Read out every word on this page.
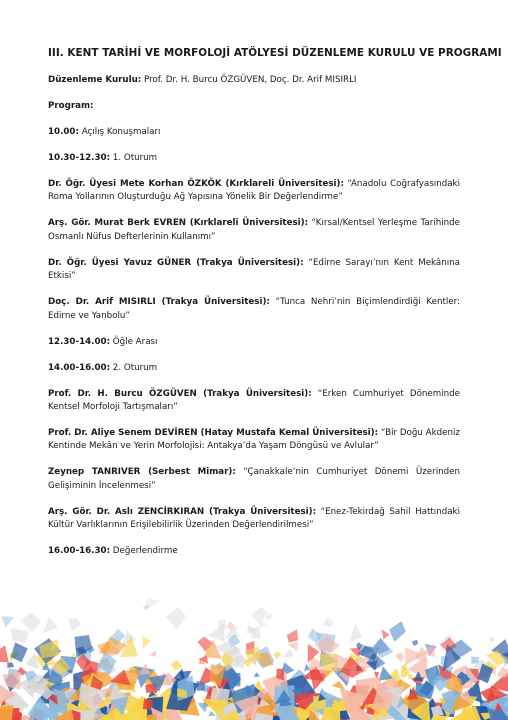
III. KENT TARİHİ VE MORFOLOJİ ATÖLYESİ DÜZENLEME KURULU VE PROGRAMI
Düzenleme Kurulu: Prof. Dr. H. Burcu ÖZGÜVEN, Doç. Dr. Arif MISIRLI
Program:
10.00: Açılış Konuşmaları
10.30-12.30: 1. Oturum
Dr. Öğr. Üyesi Mete Korhan ÖZKÖK (Kırklareli Üniversitesi): “Anadolu Coğrafyasındaki Roma Yollarının Oluşturduğu Ağ Yapısına Yönelik Bir Değerlendirme”
Arş. Gör. Murat Berk EVREN (Kırklareli Üniversitesi): “Kırsal/Kentsel Yerleşme Tarihinde Osmanlı Nüfus Defterlerinin Kullanımı”
Dr. Öğr. Üyesi Yavuz GÜNER (Trakya Üniversitesi): “Edirne Sarayı’nın Kent Mekânına Etkisi”
Doç. Dr. Arif MISIRLI (Trakya Üniversitesi): “Tunca Nehri’nin Biçimlendirdiği Kentler: Edirne ve Yanbolu”
12.30-14.00: Öğle Arası
14.00-16.00: 2. Oturum
Prof. Dr. H. Burcu ÖZGÜVEN (Trakya Üniversitesi): “Erken Cumhuriyet Döneminde Kentsel Morfoloji Tartışmaları”
Prof. Dr. Aliye Senem DEVİREN (Hatay Mustafa Kemal Üniversitesi): “Bir Doğu Akdeniz Kentinde Mekân ve Yerin Morfolojisi: Antakya’da Yaşam Döngüsü ve Avlular”
Zeynep TANRIVER (Serbest Mimar): “Çanakkale’nin Cumhuriyet Dönemi Üzerinden Gelişiminin İncelenmesi”
Arş. Gör. Dr. Aslı ZENCİRKIRAN (Trakya Üniversitesi): “Enez-Tekirdağ Sahil Hattındaki Kültür Varlıklarının Erişilebilirlik Üzerinden Değerlendirilmesi”
16.00-16.30: Değerlendirme
